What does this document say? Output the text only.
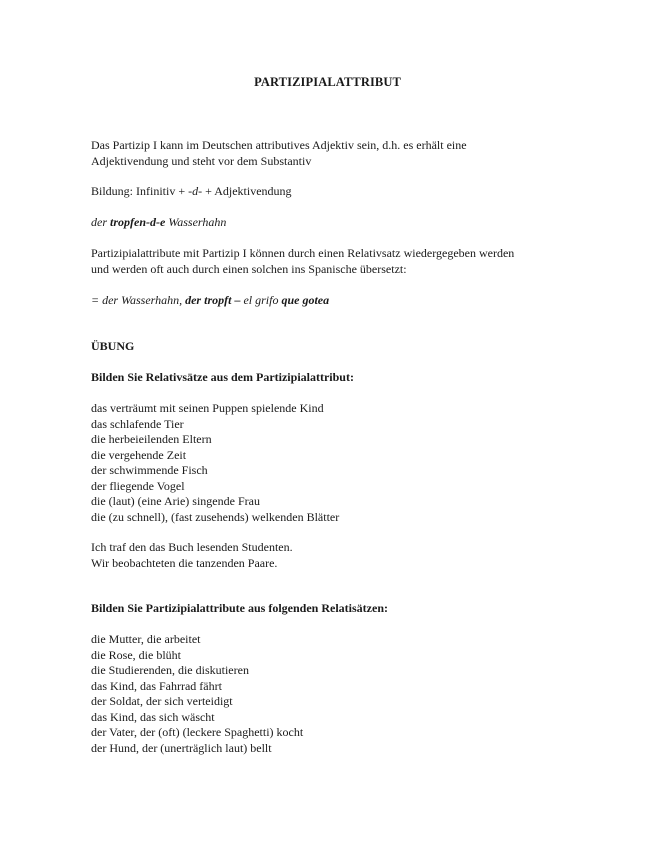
PARTIZIPIALATTRIBUT
Das Partizip I kann im Deutschen attributives Adjektiv sein, d.h. es erhält eine
Adjektivendung und steht vor dem Substantiv
Bildung: Infinitiv + -d- + Adjektivendung
der tropfen-d-e Wasserhahn
Partizipialattribute mit Partizip I können durch einen Relativsatz wiedergegeben werden
und werden oft auch durch einen solchen ins Spanische übersetzt:
= der Wasserhahn, der tropft – el grifo que gotea
ÜBUNG
Bilden Sie Relativsätze aus dem Partizipialattribut:
das verträumt mit seinen Puppen spielende Kind
das schlafende Tier
die herbeieilenden Eltern
die vergehende Zeit
der schwimmende Fisch
der fliegende Vogel
die (laut) (eine Arie) singende Frau
die (zu schnell), (fast zusehends) welkenden Blätter
Ich traf den das Buch lesenden Studenten.
Wir beobachteten die tanzenden Paare.
Bilden Sie Partizipialattribute aus folgenden Relatisätzen:
die Mutter, die arbeitet
die Rose, die blüht
die Studierenden, die diskutieren
das Kind, das Fahrrad fährt
der Soldat, der sich verteidigt
das Kind, das sich wäscht
der Vater, der (oft) (leckere Spaghetti) kocht
der Hund, der (unerträglich laut) bellt
